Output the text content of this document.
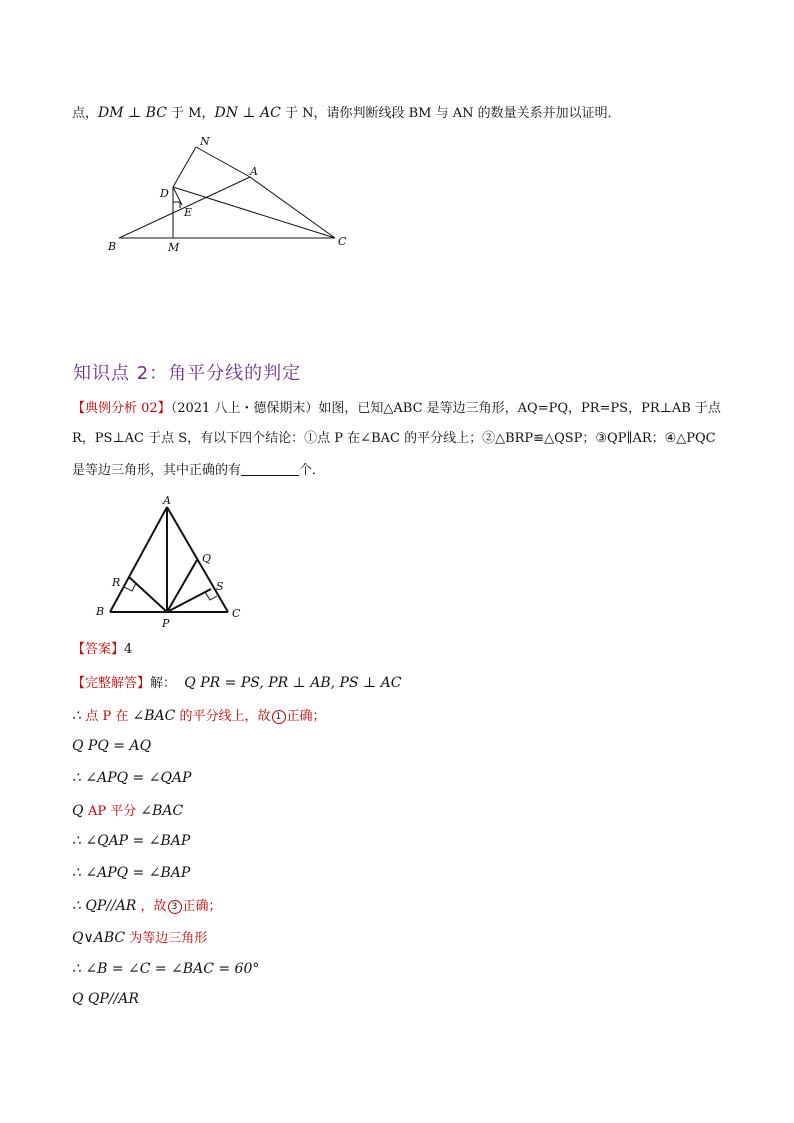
点，DM ⊥ BC 于 M，DN ⊥ AC 于 N，请你判断线段 BM 与 AN 的数量关系并加以证明．
N
A
D
E
B	M	C
知识点 2：角平分线的判定
【典例分析 02】（2021 八上・德保期末）如图，已知△ABC 是等边三角形，AQ=PQ，PR=PS，PR⊥AB 于点
R，PS⊥AC 于点 S，有以下四个结论：①点 P 在∠BAC 的平分线上；②△BRP≌△QSP；③QP∥AR；④△PQC
是等边三角形，其中正确的有	个．
A
Q
R	S
B
P
C
【答案】4
【完整解答】解： Q PR = PS, PR ⊥ AB, PS ⊥ AC
∴ 点 P 在 ∠BAC 的平分线上，故 1 正确；
Q PQ = AQ
∴ ∠APQ = ∠QAP
Q AP 平分 ∠BAC
∴ ∠QAP = ∠BAP
∴ ∠APQ = ∠BAP
∴ QP//AR ，故 3 正确；
Q∨ABC 为等边三角形
∴ ∠B = ∠C = ∠BAC = 60°
Q QP//AR
